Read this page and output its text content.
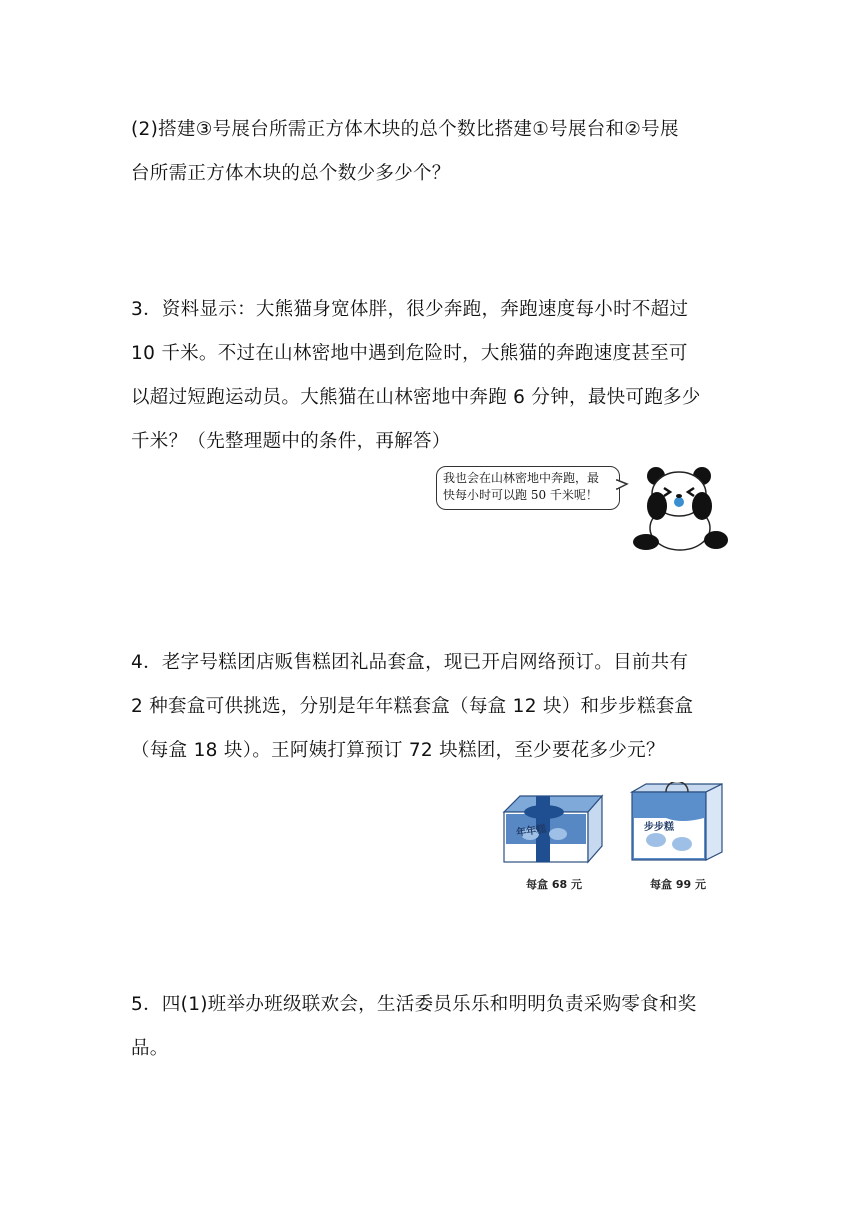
(2)搭建③号展台所需正方体木块的总个数比搭建①号展台和②号展
台所需正方体木块的总个数少多少个？
3．资料显示：大熊猫身宽体胖，很少奔跑，奔跑速度每小时不超过
10 千米。不过在山林密地中遇到危险时，大熊猫的奔跑速度甚至可
以超过短跑运动员。大熊猫在山林密地中奔跑 6 分钟，最快可跑多少
千米？（先整理题中的条件，再解答）
我也会在山林密地中奔跑，最
快每小时可以跑 50 千米呢！
4．老字号糕团店贩售糕团礼品套盒，现已开启网络预订。目前共有
2 种套盒可供挑选，分别是年年糕套盒（每盒 12 块）和步步糕套盒
（每盒 18 块）。王阿姨打算预订 72 块糕团，至少要花多少元？
年年糕
每盒 68 元
步步糕
每盒 99 元
5．四(1)班举办班级联欢会，生活委员乐乐和明明负责采购零食和奖
品。
